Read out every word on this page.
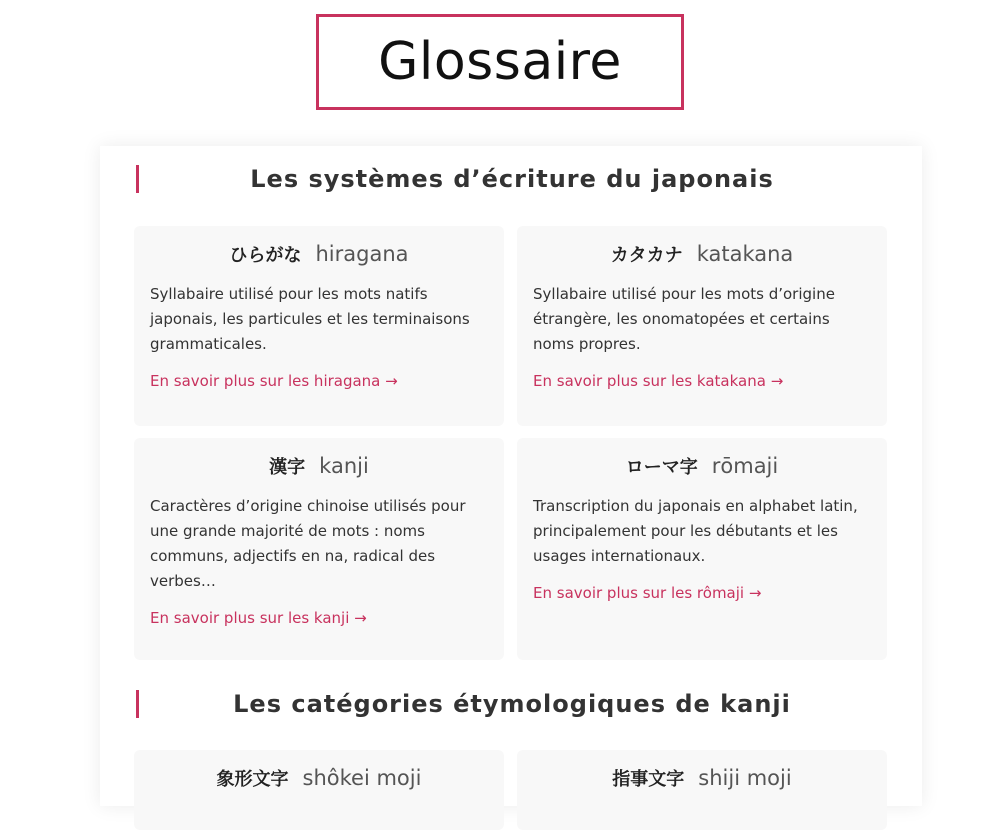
Glossaire
Les systèmes d’écriture du japonais
ひらがな hiragana

Syllabaire utilisé pour les mots natifs japonais, les particules et les terminaisons grammaticales.

En savoir plus sur les hiragana →
カタカナ katakana

Syllabaire utilisé pour les mots d’origine étrangère, les onomatopées et certains noms propres.

En savoir plus sur les katakana →
漢字 kanji

Caractères d’origine chinoise utilisés pour une grande majorité de mots : noms communs, adjectifs en na, radical des verbes…

En savoir plus sur les kanji →
ローマ字 rōmaji

Transcription du japonais en alphabet latin, principalement pour les débutants et les usages internationaux.

En savoir plus sur les rômaji →
Les catégories étymologiques de kanji
象形文字 shôkei moji	指事文字 shiji moji
